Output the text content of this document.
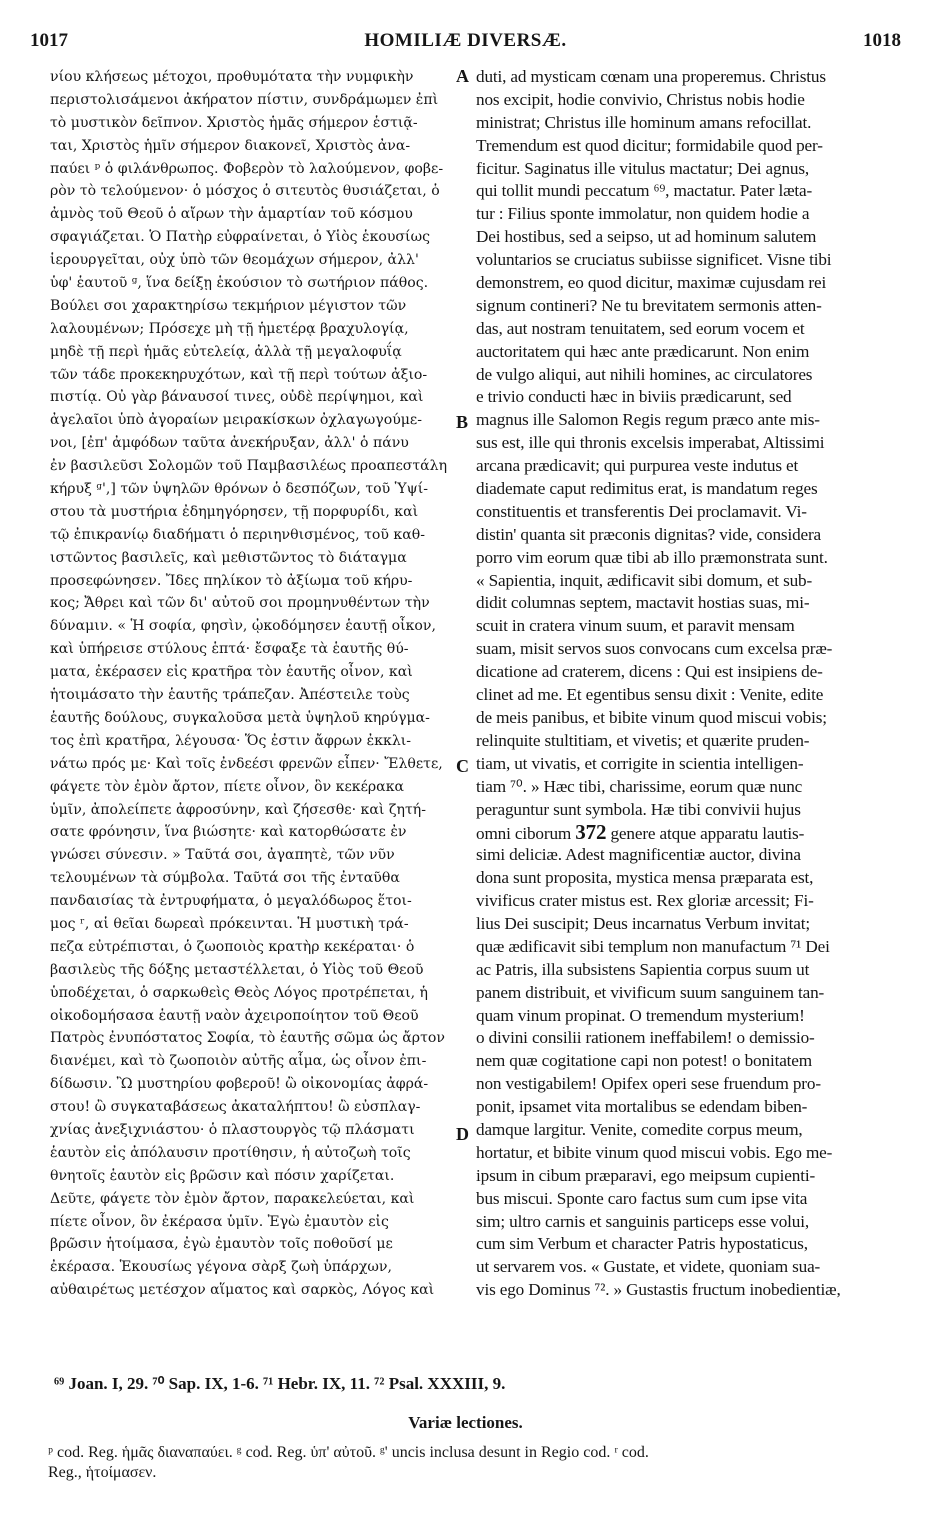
1017	HOMILIÆ DIVERSÆ.	1018
νίου κλήσεως μέτοχοι, προθυμότατα τὴν νυμφικὴν
περιστολισάμενοι ἀκήρατον πίστιν, συνδράμωμεν ἐπὶ
τὸ μυστικὸν δεῖπνον. Χριστὸς ἡμᾶς σήμερον ἑστιᾷ-
ται, Χριστὸς ἡμῖν σήμερον διακονεῖ, Χριστὸς ἀνα-
παύει ᵖ ὁ φιλάνθρωπος. Φοβερὸν τὸ λαλούμενον, φοβε-
ρὸν τὸ τελούμενον· ὁ μόσχος ὁ σιτευτὸς θυσιάζεται, ὁ
ἀμνὸς τοῦ Θεοῦ ὁ αἴρων τὴν ἁμαρτίαν τοῦ κόσμου
σφαγιάζεται. Ὁ Πατὴρ εὐφραίνεται, ὁ Υἱὸς ἑκουσίως
ἱερουργεῖται, οὐχ ὑπὸ τῶν θεομάχων σήμερον, ἀλλ'
ὑφ' ἑαυτοῦ ᵍ, ἵνα δείξῃ ἑκούσιον τὸ σωτήριον πάθος.
Βούλει σοι χαρακτηρίσω τεκμήριον μέγιστον τῶν
λαλουμένων; Πρόσεχε μὴ τῇ ἡμετέρᾳ βραχυλογίᾳ,
μηδὲ τῇ περὶ ἡμᾶς εὐτελείᾳ, ἀλλὰ τῇ μεγαλοφυΐᾳ
τῶν τάδε προκεκηρυχότων, καὶ τῇ περὶ τούτων ἀξιο-
πιστίᾳ. Οὐ γὰρ βάναυσοί τινες, οὐδὲ περίψημοι, καὶ
ἀγελαῖοι ὑπὸ ἀγοραίων μειρακίσκων ὀχλαγωγούμε-
νοι, [ἐπ' ἀμφόδων ταῦτα ἀνεκήρυξαν, ἀλλ' ὁ πάνυ
ἐν βασιλεῦσι Σολομῶν τοῦ Παμβασιλέως προαπεστάλη
κήρυξ ᵍ',] τῶν ὑψηλῶν θρόνων ὁ δεσπόζων, τοῦ Ὑψί-
στου τὰ μυστήρια ἐδημηγόρησεν, τῇ πορφυρίδι, καὶ
τῷ ἐπικρανίῳ διαδήματι ὁ περιηνθισμένος, τοῦ καθ-
ιστῶντος βασιλεῖς, καὶ μεθιστῶντος τὸ διάταγμα
προσεφώνησεν. Ἴδες πηλίκον τὸ ἀξίωμα τοῦ κήρυ-
κος; Ἄθρει καὶ τῶν δι' αὐτοῦ σοι προμηνυθέντων τὴν
δύναμιν. « Ἡ σοφία, φησὶν, ᾠκοδόμησεν ἑαυτῇ οἶκον,
καὶ ὑπήρεισε στύλους ἑπτά· ἔσφαξε τὰ ἑαυτῆς θύ-
ματα, ἐκέρασεν εἰς κρατῆρα τὸν ἑαυτῆς οἶνον, καὶ
ἡτοιμάσατο τὴν ἑαυτῆς τράπεζαν. Ἀπέστειλε τοὺς
ἑαυτῆς δούλους, συγκαλοῦσα μετὰ ὑψηλοῦ κηρύγμα-
τος ἐπὶ κρατῆρα, λέγουσα· Ὅς ἐστιν ἄφρων ἐκκλι-
νάτω πρός με· Καὶ τοῖς ἐνδεέσι φρενῶν εἶπεν· Ἔλθετε,
φάγετε τὸν ἐμὸν ἄρτον, πίετε οἶνον, ὃν κεκέρακα
ὑμῖν, ἀπολείπετε ἀφροσύνην, καὶ ζήσεσθε· καὶ ζητή-
σατε φρόνησιν, ἵνα βιώσητε· καὶ κατορθώσατε ἐν
γνώσει σύνεσιν. » Ταῦτά σοι, ἀγαπητὲ, τῶν νῦν
τελουμένων τὰ σύμβολα. Ταῦτά σοι τῆς ἐνταῦθα
πανδαισίας τὰ ἐντρυφήματα, ὁ μεγαλόδωρος ἕτοι-
μος ʳ, αἱ θεῖαι δωρεαὶ πρόκεινται. Ἡ μυστικὴ τρά-
πεζα εὐτρέπισται, ὁ ζωοποιὸς κρατὴρ κεκέραται· ὁ
βασιλεὺς τῆς δόξης μεταστέλλεται, ὁ Υἱὸς τοῦ Θεοῦ
ὑποδέχεται, ὁ σαρκωθεὶς Θεὸς Λόγος προτρέπεται, ἡ
οἰκοδομήσασα ἑαυτῇ ναὸν ἀχειροποίητον τοῦ Θεοῦ
Πατρὸς ἐνυπόστατος Σοφία, τὸ ἑαυτῆς σῶμα ὡς ἄρτον
διανέμει, καὶ τὸ ζωοποιὸν αὐτῆς αἷμα, ὡς οἶνον ἐπι-
δίδωσιν. Ὢ μυστηρίου φοβεροῦ! ὢ οἰκονομίας ἀφρά-
στου! ὢ συγκαταβάσεως ἀκαταλήπτου! ὢ εὐσπλαγ-
χνίας ἀνεξιχνιάστου· ὁ πλαστουργὸς τῷ πλάσματι
ἑαυτὸν εἰς ἀπόλαυσιν προτίθησιν, ἡ αὐτοζωὴ τοῖς
θνητοῖς ἑαυτὸν εἰς βρῶσιν καὶ πόσιν χαρίζεται.
Δεῦτε, φάγετε τὸν ἐμὸν ἄρτον, παρακελεύεται, καὶ
πίετε οἶνον, ὃν ἐκέρασα ὑμῖν. Ἐγὼ ἐμαυτὸν εἰς
βρῶσιν ἡτοίμασα, ἐγὼ ἐμαυτὸν τοῖς ποθοῦσί με
ἐκέρασα. Ἑκουσίως γέγονα σὰρξ ζωὴ ὑπάρχων,
αὐθαιρέτως μετέσχον αἵματος καὶ σαρκὸς, Λόγος καὶ
duti, ad mysticam cœnam una properemus. Christus
nos excipit, hodie convivio, Christus nobis hodie
ministrat; Christus ille hominum amans refocillat.
Tremendum est quod dicitur; formidabile quod per-
ficitur. Saginatus ille vitulus mactatur; Dei agnus,
qui tollit mundi peccatum ⁶⁹, mactatur. Pater læta-
tur : Filius sponte immolatur, non quidem hodie a
Dei hostibus, sed a seipso, ut ad hominum salutem
voluntarios se cruciatus subiisse significet. Visne tibi
demonstrem, eo quod dicitur, maximæ cujusdam rei
signum contineri? Ne tu brevitatem sermonis atten-
das, aut nostram tenuitatem, sed eorum vocem et
auctoritatem qui hæc ante prædicarunt. Non enim
de vulgo aliqui, aut nihili homines, ac circulatores
e trivio conducti hæc in biviis prædicarunt, sed
magnus ille Salomon Regis regum præco ante mis-
sus est, ille qui thronis excelsis imperabat, Altissimi
arcana prædicavit; qui purpurea veste indutus et
diademate caput redimitus erat, is mandatum reges
constituentis et transferentis Dei proclamavit. Vi-
distin' quanta sit præconis dignitas? vide, considera
porro vim eorum quæ tibi ab illo præmonstrata sunt.
« Sapientia, inquit, ædificavit sibi domum, et sub-
didit columnas septem, mactavit hostias suas, mi-
scuit in cratera vinum suum, et paravit mensam
suam, misit servos suos convocans cum excelsa præ-
dicatione ad craterem, dicens : Qui est insipiens de-
clinet ad me. Et egentibus sensu dixit : Venite, edite
de meis panibus, et bibite vinum quod miscui vobis;
relinquite stultitiam, et vivetis; et quærite pruden-
tiam, ut vivatis, et corrigite in scientia intelligen-
tiam ⁷⁰. » Hæc tibi, charissime, eorum quæ nunc
peraguntur sunt symbola. Hæ tibi convivii hujus
omni ciborum 372 genere atque apparatu lautis-
simi deliciæ. Adest magnificentiæ auctor, divina
dona sunt proposita, mystica mensa præparata est,
vivificus crater mistus est. Rex gloriæ arcessit; Fi-
lius Dei suscipit; Deus incarnatus Verbum invitat;
quæ ædificavit sibi templum non manufactum ⁷¹ Dei
ac Patris, illa subsistens Sapientia corpus suum ut
panem distribuit, et vivificum suum sanguinem tan-
quam vinum propinat. O tremendum mysterium!
o divini consilii rationem ineffabilem! o demissio-
nem quæ cogitatione capi non potest! o bonitatem
non vestigabilem! Opifex operi sese fruendum pro-
ponit, ipsamet vita mortalibus se edendam biben-
damque largitur. Venite, comedite corpus meum,
hortatur, et bibite vinum quod miscui vobis. Ego me-
ipsum in cibum præparavi, ego meipsum cupienti-
bus miscui. Sponte caro factus sum cum ipse vita
sim; ultro carnis et sanguinis particeps esse volui,
cum sim Verbum et character Patris hypostaticus,
ut servarem vos. « Gustate, et videte, quoniam sua-
vis ego Dominus ⁷². » Gustastis fructum inobedientiæ,
A
B
C
D
⁶⁹ Joan. I, 29. ⁷⁰ Sap. IX, 1-6. ⁷¹ Hebr. IX, 11. ⁷² Psal. XXXIII, 9.
Variæ lectiones.
ᵖ cod. Reg. ἡμᾶς διαναπαύει. ᵍ cod. Reg. ὑπ' αὐτοῦ. ᵍ' uncis inclusa desunt in Regio cod. ʳ cod.
Reg., ἡτοίμασεν.
